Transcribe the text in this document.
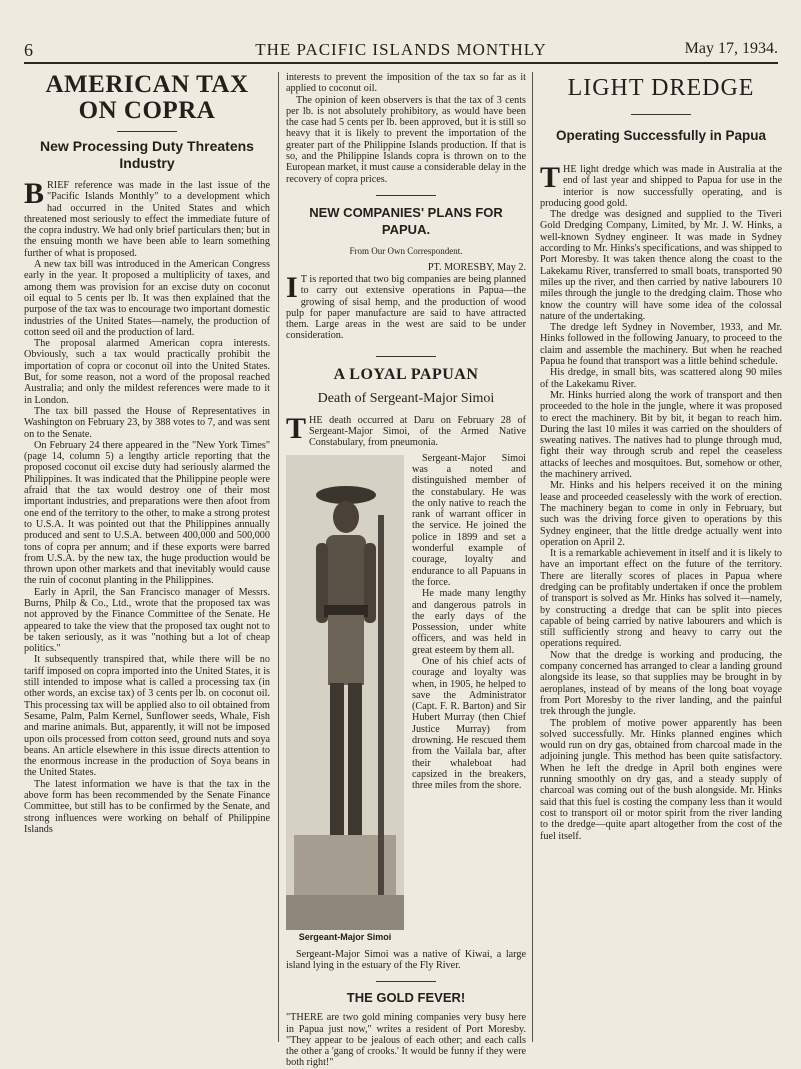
6	THE PACIFIC ISLANDS MONTHLY	May 17, 1934.
AMERICAN TAX ON COPRA
New Processing Duty Threatens Industry

BRIEF reference was made in the last issue of the "Pacific Islands Monthly" to a development which had occurred in the United States and which threatened most seriously to effect the immediate future of the copra industry. We had only brief particulars then; but in the ensuing month we have been able to learn something further of what is proposed.

A new tax bill was introduced in the American Congress early in the year. It proposed a multiplicity of taxes, and among them was provision for an excise duty on coconut oil equal to 5 cents per lb. It was then explained that the purpose of the tax was to encourage two important domestic industries of the United States—namely, the production of cotton seed oil and the production of lard.

The proposal alarmed American copra interests. Obviously, such a tax would practically prohibit the importation of copra or coconut oil into the United States. But, for some reason, not a word of the proposal reached Australia; and only the mildest references were made to it in London.

The tax bill passed the House of Representatives in Washington on February 23, by 388 votes to 7, and was sent on to the Senate.

On February 24 there appeared in the "New York Times" (page 14, column 5) a lengthy article reporting that the proposed coconut oil excise duty had seriously alarmed the Philippines. It was indicated that the Philippine people were afraid that the tax would destroy one of their most important industries, and preparations were then afoot from one end of the territory to the other, to make a strong protest to U.S.A. It was pointed out that the Philippines annually produced and sent to U.S.A. between 400,000 and 500,000 tons of copra per annum; and if these exports were barred from U.S.A. by the new tax, the huge production would be thrown upon other markets and that inevitably would cause the ruin of coconut planting in the Philippines.

Early in April, the San Francisco manager of Messrs. Burns, Philp & Co., Ltd., wrote that the proposed tax was not approved by the Finance Committee of the Senate. He appeared to take the view that the proposed tax ought not to be taken seriously, as it was "nothing but a lot of cheap politics."

It subsequently transpired that, while there will be no tariff imposed on copra imported into the United States, it is still intended to impose what is called a processing tax (in other words, an excise tax) of 3 cents per lb. on coconut oil. This processing tax will be applied also to oil obtained from Sesame, Palm, Palm Kernel, Sunflower seeds, Whale, Fish and marine animals. But, apparently, it will not be imposed upon oils processed from cotton seed, ground nuts and soya beans. An article elsewhere in this issue directs attention to the enormous increase in the production of Soya beans in the United States.

The latest information we have is that the tax in the above form has been recommended by the Senate Finance Committee, but still has to be confirmed by the Senate, and strong influences were working on behalf of Philippine Islands

interests to prevent the imposition of the tax so far as it applied to coconut oil.

The opinion of keen observers is that the tax of 3 cents per lb. is not absolutely prohibitory, as would have been the case had 5 cents per lb. been approved, but it is still so heavy that it is likely to prevent the importation of the greater part of the Philippine Islands production. If that is so, and the Philippine Islands copra is thrown on to the European market, it must cause a considerable delay in the recovery of copra prices.

NEW COMPANIES' PLANS FOR PAPUA.
From Our Own Correspondent.
PT. MORESBY, May 2.

I T is reported that two big companies are being planned to carry out extensive operations in Papua—the growing of sisal hemp, and the production of wood pulp for paper manufacture are said to have attracted them. Large areas in the west are said to be under consideration.

A LOYAL PAPUAN
Death of Sergeant-Major Simoi

THE death occurred at Daru on February 28 of Sergeant-Major Simoi, of the Armed Native Constabulary, from pneumonia.

Sergeant-Major Simoi

Sergeant-Major Simoi was a noted and distinguished member of the constabulary. He was the only native to reach the rank of warrant officer in the service. He joined the police in 1899 and set a wonderful example of courage, loyalty and endurance to all Papuans in the force.

He made many lengthy and dangerous patrols in the early days of the Possession, under white officers, and was held in great esteem by them all.

One of his chief acts of courage and loyalty was when, in 1905, he helped to save the Administrator (Capt. F. R. Barton) and Sir Hubert Murray (then Chief Justice Murray) from drowning. He rescued them from the Vailala bar, after their whaleboat had capsized in the breakers, three miles from the shore.

Sergeant-Major Simoi was a native of Kiwai, a large island lying in the estuary of the Fly River.

THE GOLD FEVER!

"THERE are two gold mining companies very busy here in Papua just now," writes a resident of Port Moresby. "They appear to be jealous of each other; and each calls the other a 'gang of crooks.' It would be funny if they were both right!"

LIGHT DREDGE
Operating Successfully in Papua

THE light dredge which was made in Australia at the end of last year and shipped to Papua for use in the interior is now successfully operating, and is producing good gold.

The dredge was designed and supplied to the Tiveri Gold Dredging Company, Limited, by Mr. J. W. Hinks, a well-known Sydney engineer. It was made in Sydney according to Mr. Hinks's specifications, and was shipped to Port Moresby. It was taken thence along the coast to the Lakekamu River, transferred to small boats, transported 90 miles up the river, and then carried by native labourers 10 miles through the jungle to the dredging claim. Those who know the country will have some idea of the colossal nature of the undertaking.

The dredge left Sydney in November, 1933, and Mr. Hinks followed in the following January, to proceed to the claim and assemble the machinery. But when he reached Papua he found that transport was a little behind schedule.

His dredge, in small bits, was scattered along 90 miles of the Lakekamu River.

Mr. Hinks hurried along the work of transport and then proceeded to the hole in the jungle, where it was proposed to erect the machinery. Bit by bit, it began to reach him. During the last 10 miles it was carried on the shoulders of sweating natives. The natives had to plunge through mud, fight their way through scrub and repel the ceaseless attacks of leeches and mosquitoes. But, somehow or other, the machinery arrived.

Mr. Hinks and his helpers received it on the mining lease and proceeded ceaselessly with the work of erection. The machinery began to come in only in February, but such was the driving force given to operations by this Sydney engineer, that the little dredge actually went into operation on April 2.

It is a remarkable achievement in itself and it is likely to have an important effect on the future of the territory. There are literally scores of places in Papua where dredging can be profitably undertaken if once the problem of transport is solved as Mr. Hinks has solved it—namely, by constructing a dredge that can be split into pieces capable of being carried by native labourers and which is still sufficiently strong and heavy to carry out the operations required.

Now that the dredge is working and producing, the company concerned has arranged to clear a landing ground alongside its lease, so that supplies may be brought in by aeroplanes, instead of by means of the long boat voyage from Port Moresby to the river landing, and the painful trek through the jungle.

The problem of motive power apparently has been solved successfully. Mr. Hinks planned engines which would run on dry gas, obtained from charcoal made in the adjoining jungle. This method has been quite satisfactory. When he left the dredge in April both engines were running smoothly on dry gas, and a steady supply of charcoal was coming out of the bush alongside. Mr. Hinks said that this fuel is costing the company less than it would cost to transport oil or motor spirit from the river landing to the dredge—quite apart altogether from the cost of the fuel itself.
